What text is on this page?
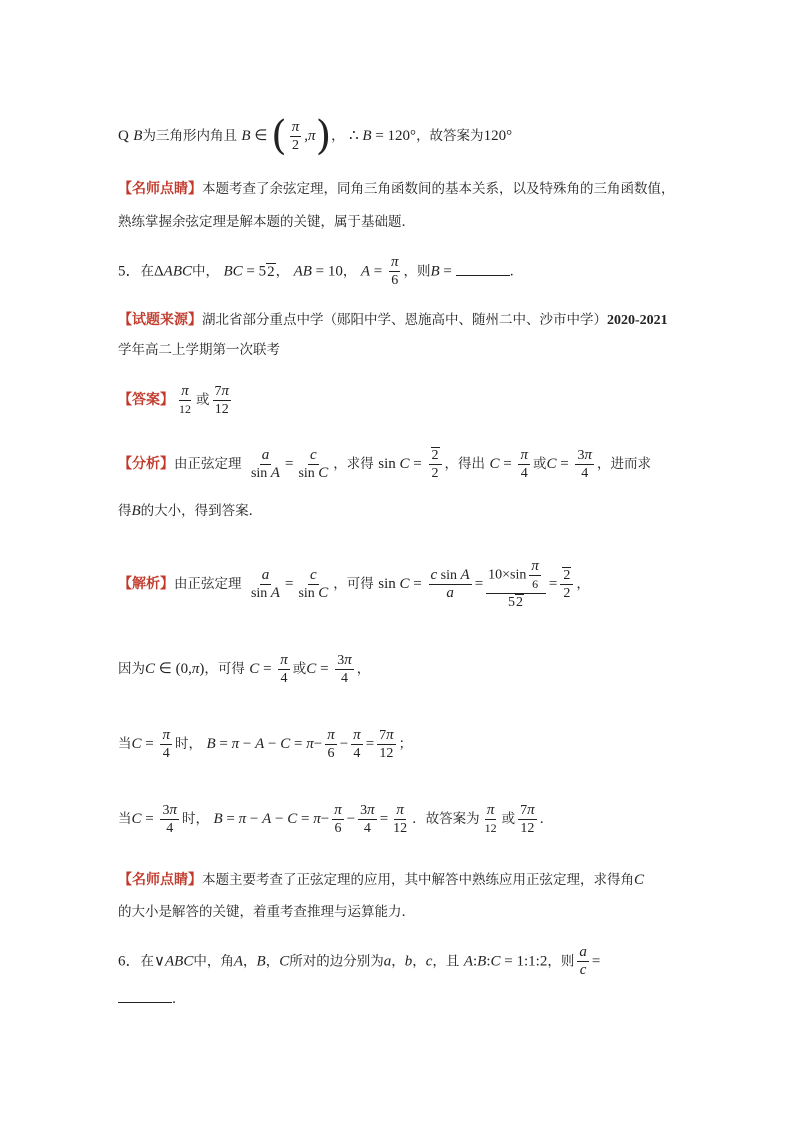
Q B为三角形内角且 B ∈ ( $\frac{\pi}{2} ,\pi$)， ∴ B = 120°，故答案为120°
【名师点睛】本题考查了余弦定理，同角三角函数间的基本关系，以及特殊角的三角函数值，
熟练掌握余弦定理是解本题的关键，属于基础题．
5．在ΔABC中， BC = 52， AB = 10， $A = \frac{\pi}{6}$ ，则B =	．
【试题来源】湖北省部分重点中学（郧阳中学、恩施高中、随州二中、沙市中学）2020-2021
学年高二上学期第一次联考
【答案】 $\frac{\pi}{12}$ 或 $\frac{7\pi}{12}$
【分析】由正弦定理 $\frac{a}{\text{sin A}} = \frac{c}{\text{sin C}}$ ，求得 $\sin C = \frac{2}{2}$ ，得出 $C = \frac{\pi}{4}$ 或$C = \frac{3\pi}{4}$ ，进而求
得B的大小，得到答案．
【解析】由正弦定理 $\frac{a}{\text{sin A}} = \frac{c}{\text{sin C}}$ ，可得 $\sin C = \frac{\text{c sin A}}{a} = \frac{10\times\sin \frac{\pi}{6}}{52} = \frac{2}{2}$ ，
因为C ∈ (0,π)，可得 $C = \frac{\pi}{4}$ 或$C = \frac{3\pi}{4}$ ，
当$C = \frac{\pi}{4}$ 时， $B = \pi - A - C = \pi- \frac{\pi}{6} - \frac{\pi}{4} = \frac{7\pi}{12}$ ；
当$C = \frac{3\pi}{4}$ 时， $B = \pi - A - C = \pi- \frac{\pi}{6} - \frac{3\pi}{4} = \frac{\pi}{12}$ ．故答案为 $\frac{\pi}{12}$ 或 $\frac{7\pi}{12}$ ．
【名师点睛】本题主要考查了正弦定理的应用，其中解答中熟练应用正弦定理，求得角C
的大小是解答的关键，着重考查推理与运算能力．
6．在∨ABC中，角A，B，C所对的边分别为a，b，c，且 A:B:C = 1:1:2，则 $\frac{a}{c}$ =
．
